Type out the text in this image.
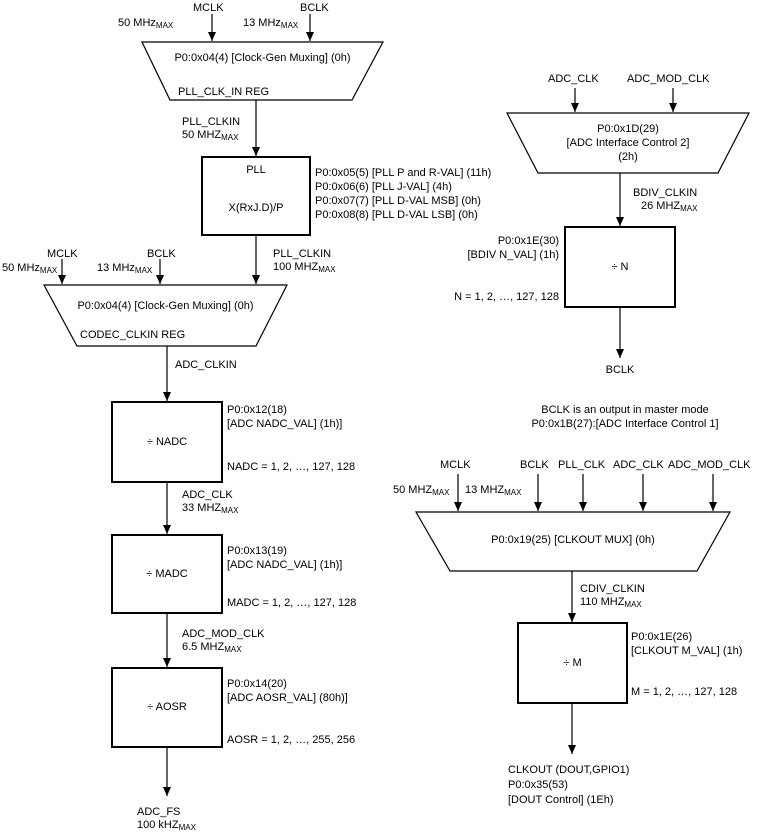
MCLK
50 MHzMAX
BCLK
13 MHzMAX
P0:0x04(4) [Clock-Gen Muxing] (0h)
PLL_CLK_IN REG
PLL_CLKIN
50 MHZMAX
PLL
X(RxJ.D)/P
P0:0x05(5) [PLL P and R-VAL] (11h)
P0:0x06(6) [PLL J-VAL] (4h)
P0:0x07(7) [PLL D-VAL MSB] (0h)
P0:0x08(8) [PLL D-VAL LSB] (0h)
PLL_CLKIN
100 MHZMAX
MCLK
50 MHzMAX
BCLK
13 MHzMAX
P0:0x04(4) [Clock-Gen Muxing] (0h)
CODEC_CLKIN REG
ADC_CLKIN
÷ NADC
P0:0x12(18)
[ADC NADC_VAL] (1h)]
NADC = 1, 2, …, 127, 128
ADC_CLK
33 MHZMAX
÷ MADC
P0:0x13(19)
[ADC NADC_VAL] (1h)]
MADC = 1, 2, …, 127, 128
ADC_MOD_CLK
6.5 MHZMAX
÷ AOSR
P0:0x14(20)
[ADC AOSR_VAL] (80h)]
AOSR = 1, 2, …, 255, 256
ADC_FS
100 kHZMAX
ADC_CLK	ADC_MOD_CLK
P0:0x1D(29)
[ADC Interface Control 2]
(2h)
BDIV_CLKIN
26 MHZMAX
÷ N
P0:0x1E(30)
[BDIV N_VAL] (1h)
N = 1, 2, …, 127, 128
BCLK
BCLK is an output in master mode
P0:0x1B(27):[ADC Interface Control 1]
MCLK	BCLK PLL_CLK ADC_CLK ADC_MOD_CLK
50 MHZMAX 13 MHZMAX
P0:0x19(25) [CLKOUT MUX] (0h)
CDIV_CLKIN
110 MHZMAX
÷ M
P0:0x1E(26)
[CLKOUT M_VAL] (1h)
M = 1, 2, …, 127, 128
CLKOUT (DOUT,GPIO1)
P0:0x35(53)
[DOUT Control] (1Eh)
